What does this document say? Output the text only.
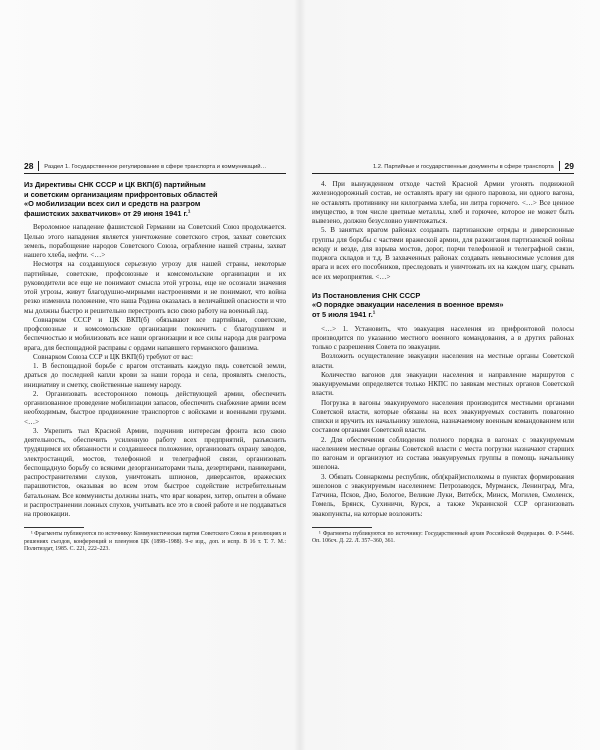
28 Раздел 1. Государственное регулирование в сфере транспорта и коммуникаций…
Из Директивы СНК СССР и ЦК ВКП(б) партийным
и советским организациям прифронтовых областей
«О мобилизации всех сил и средств на разгром
фашистских захватчиков» от 29 июня 1941 г.$^1$

Вероломное нападение фашистской Германии на Советский Союз продолжается. Целью этого нападения является уничтожение советского строя, захват советских земель, порабощение народов Советского Союза, ограбление нашей страны, захват нашего хлеба, нефти. <…>

Несмотря на создавшуюся серьезную угрозу для нашей страны, некоторые партийные, советские, профсоюзные и комсомольские организации и их руководители все еще не понимают смысла этой угрозы, еще не осознали значения этой угрозы, живут благодушно-мирными настроениями и не понимают, что война резко изменила положение, что наша Родина оказалась в величайшей опасности и что мы должны быстро и решительно перестроить всю свою работу на военный лад.

Совнарком СССР и ЦК ВКП(б) обязывают все партийные, советские, профсоюзные и комсомольские организации покончить с благодушием и беспечностью и мобилизовать все наши организации и все силы народа для разгрома врага, для беспощадной расправы с ордами напавшего германского фашизма.

Совнарком Союза ССР и ЦК ВКП(б) требуют от вас:

1. В беспощадной борьбе с врагом отстаивать каждую пядь советской земли, драться до последней капли крови за наши города и села, проявлять смелость, инициативу и сметку, свойственные нашему народу.

2. Организовать всесторонною помощь действующей армии, обеспечить организованное проведение мобилизации запасов, обеспечить снабжение армии всем необходимым, быстрое продвижение транспортов с войсками и военными грузами. <…>

3. Укрепить тыл Красной Армии, подчинив интересам фронта всю свою деятельность, обеспечить усиленную работу всех предприятий, разъяснить трудящимся их обязанности и создавшееся положение, организовать охрану заводов, электростанций, мостов, телефонной и телеграфной связи, организовать беспощадную борьбу со всякими дезорганизаторами тыла, дезертирами, паникерами, распространителями слухов, уничтожать шпионов, диверсантов, вражеских парашютистов, оказывая во всем этом быстрое содействие истребительным батальонам. Все коммунисты должны знать, что враг коварен, хитер, опытен в обмане и распространении ложных слухов, учитывать все это в своей работе и не поддаваться на провокации.

¹ Фрагменты публикуются по источнику: Коммунистическая партия Советского Союза в резолюциях и решениях съездов, конференций и пленумов ЦК (1898–1988). 9-е изд., доп. и испр. В 16 т. Т. 7. М.: Политиздат, 1985. С. 221, 222–223.

1.2. Партийные и государственные документы в сфере транспорта 29

4. При вынужденном отходе частей Красной Армии угонять подвижной железнодорожный состав, не оставлять врагу ни одного паровоза, ни одного вагона, не оставлять противнику ни килограмма хлеба, ни литра горючего. <…> Все ценное имущество, в том числе цветные металлы, хлеб и горючее, которое не может быть вывезено, должно безусловно уничтожаться.

5. В занятых врагом районах создавать партизанские отряды и диверсионные группы для борьбы с частями вражеской армии, для разжигания партизанской войны всюду и везде, для взрыва мостов, дорог, порчи телефонной и телеграфной связи, поджога складов и т.д. В захваченных районах создавать невыносимые условия для врага и всех его пособников, преследовать и уничтожать их на каждом шагу, срывать все их мероприятия. <…>

Из Постановления СНК СССР
«О порядке эвакуации населения в военное время»
от 5 июля 1941 г.$^1$

<…> 1. Установить, что эвакуация населения из прифронтовой полосы производится по указанию местного военного командования, а в других районах только с разрешения Совета по эвакуации.

Возложить осуществление эвакуации населения на местные органы Советской власти.

Количество вагонов для эвакуации населения и направление маршрутов с эвакуируемыми определяется только НКПС по заявкам местных органов Советской власти.

Погрузка в вагоны эвакуируемого населения производится местными органами Советской власти, которые обязаны на всех эвакуируемых составить повагонно списки и вручить их начальнику эшелона, назначаемому военным командованием или составом органами Советской власти.

2. Для обеспечения соблюдения полного порядка в вагонах с эвакуируемым населением местные органы Советской власти с места погрузки назначают старших по вагонам и организуют из состава эвакуируемых группы в помощь начальнику эшелона.

3. Обязать Совнаркомы республик, обл(край)исполкомы в пунктах формирования эшелонов с эвакуируемым населением: Петрозаводск, Мурманск, Ленинград, Мга, Гатчина, Псков, Дно, Бологое, Великие Луки, Витебск, Минск, Могилев, Смоленск, Гомель, Брянск, Сухиничи, Курск, а также Украинской ССР организовать эвакопункты, на которые возложить:

¹ Фрагменты публикуются по источнику: Государственный архив Российской Федерации. Ф. Р-5446. Оп. 106сч. Д. 22. Л. 357–360, 361.
